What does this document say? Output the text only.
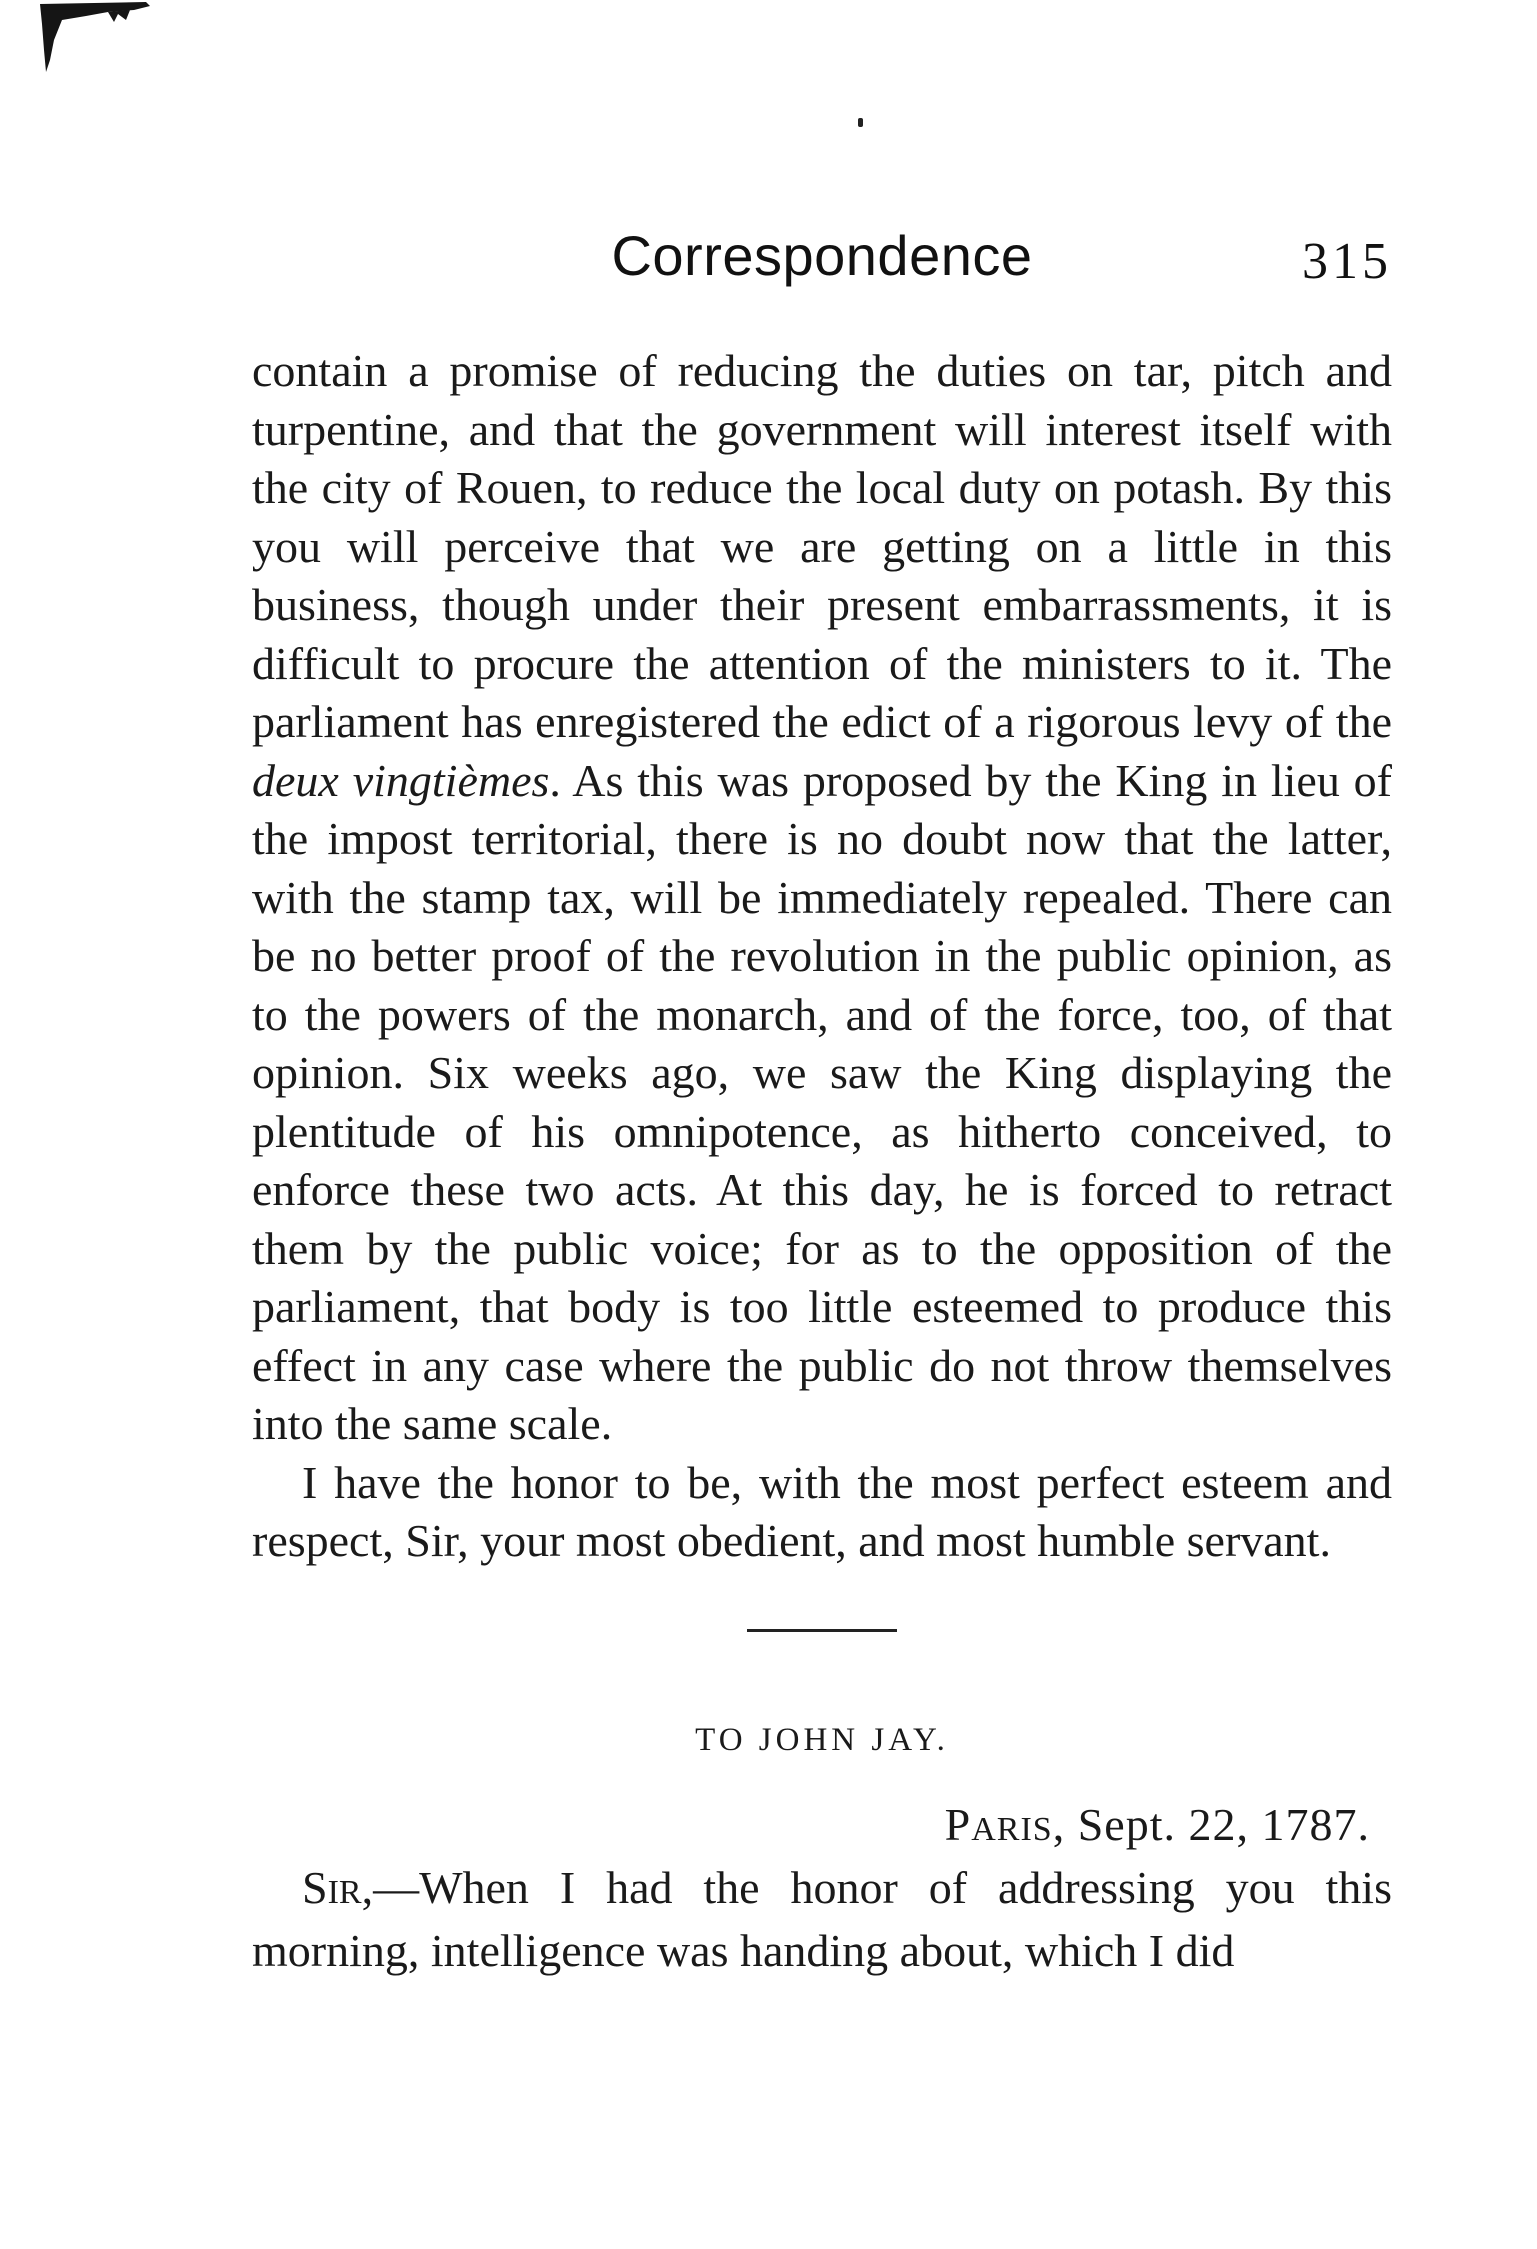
Correspondence	315

contain a promise of reducing the duties on tar, pitch and turpentine, and that the government will interest itself with the city of Rouen, to reduce the local duty on potash. By this you will perceive that we are getting on a little in this business, though under their present embarrassments, it is difficult to procure the attention of the ministers to it. The parliament has enregistered the edict of a rigorous levy of the deux vingtièmes. As this was proposed by the King in lieu of the impost territorial, there is no doubt now that the latter, with the stamp tax, will be immediately repealed. There can be no better proof of the revolution in the public opinion, as to the powers of the monarch, and of the force, too, of that opinion. Six weeks ago, we saw the King displaying the plentitude of his omnipotence, as hitherto conceived, to enforce these two acts. At this day, he is forced to retract them by the public voice; for as to the opposition of the parliament, that body is too little esteemed to produce this effect in any case where the public do not throw themselves into the same scale.

I have the honor to be, with the most perfect esteem and respect, Sir, your most obedient, and most humble servant.

TO JOHN JAY.
PARIS, Sept. 22, 1787.

SIR,—When I had the honor of addressing you this morning, intelligence was handing about, which I did
